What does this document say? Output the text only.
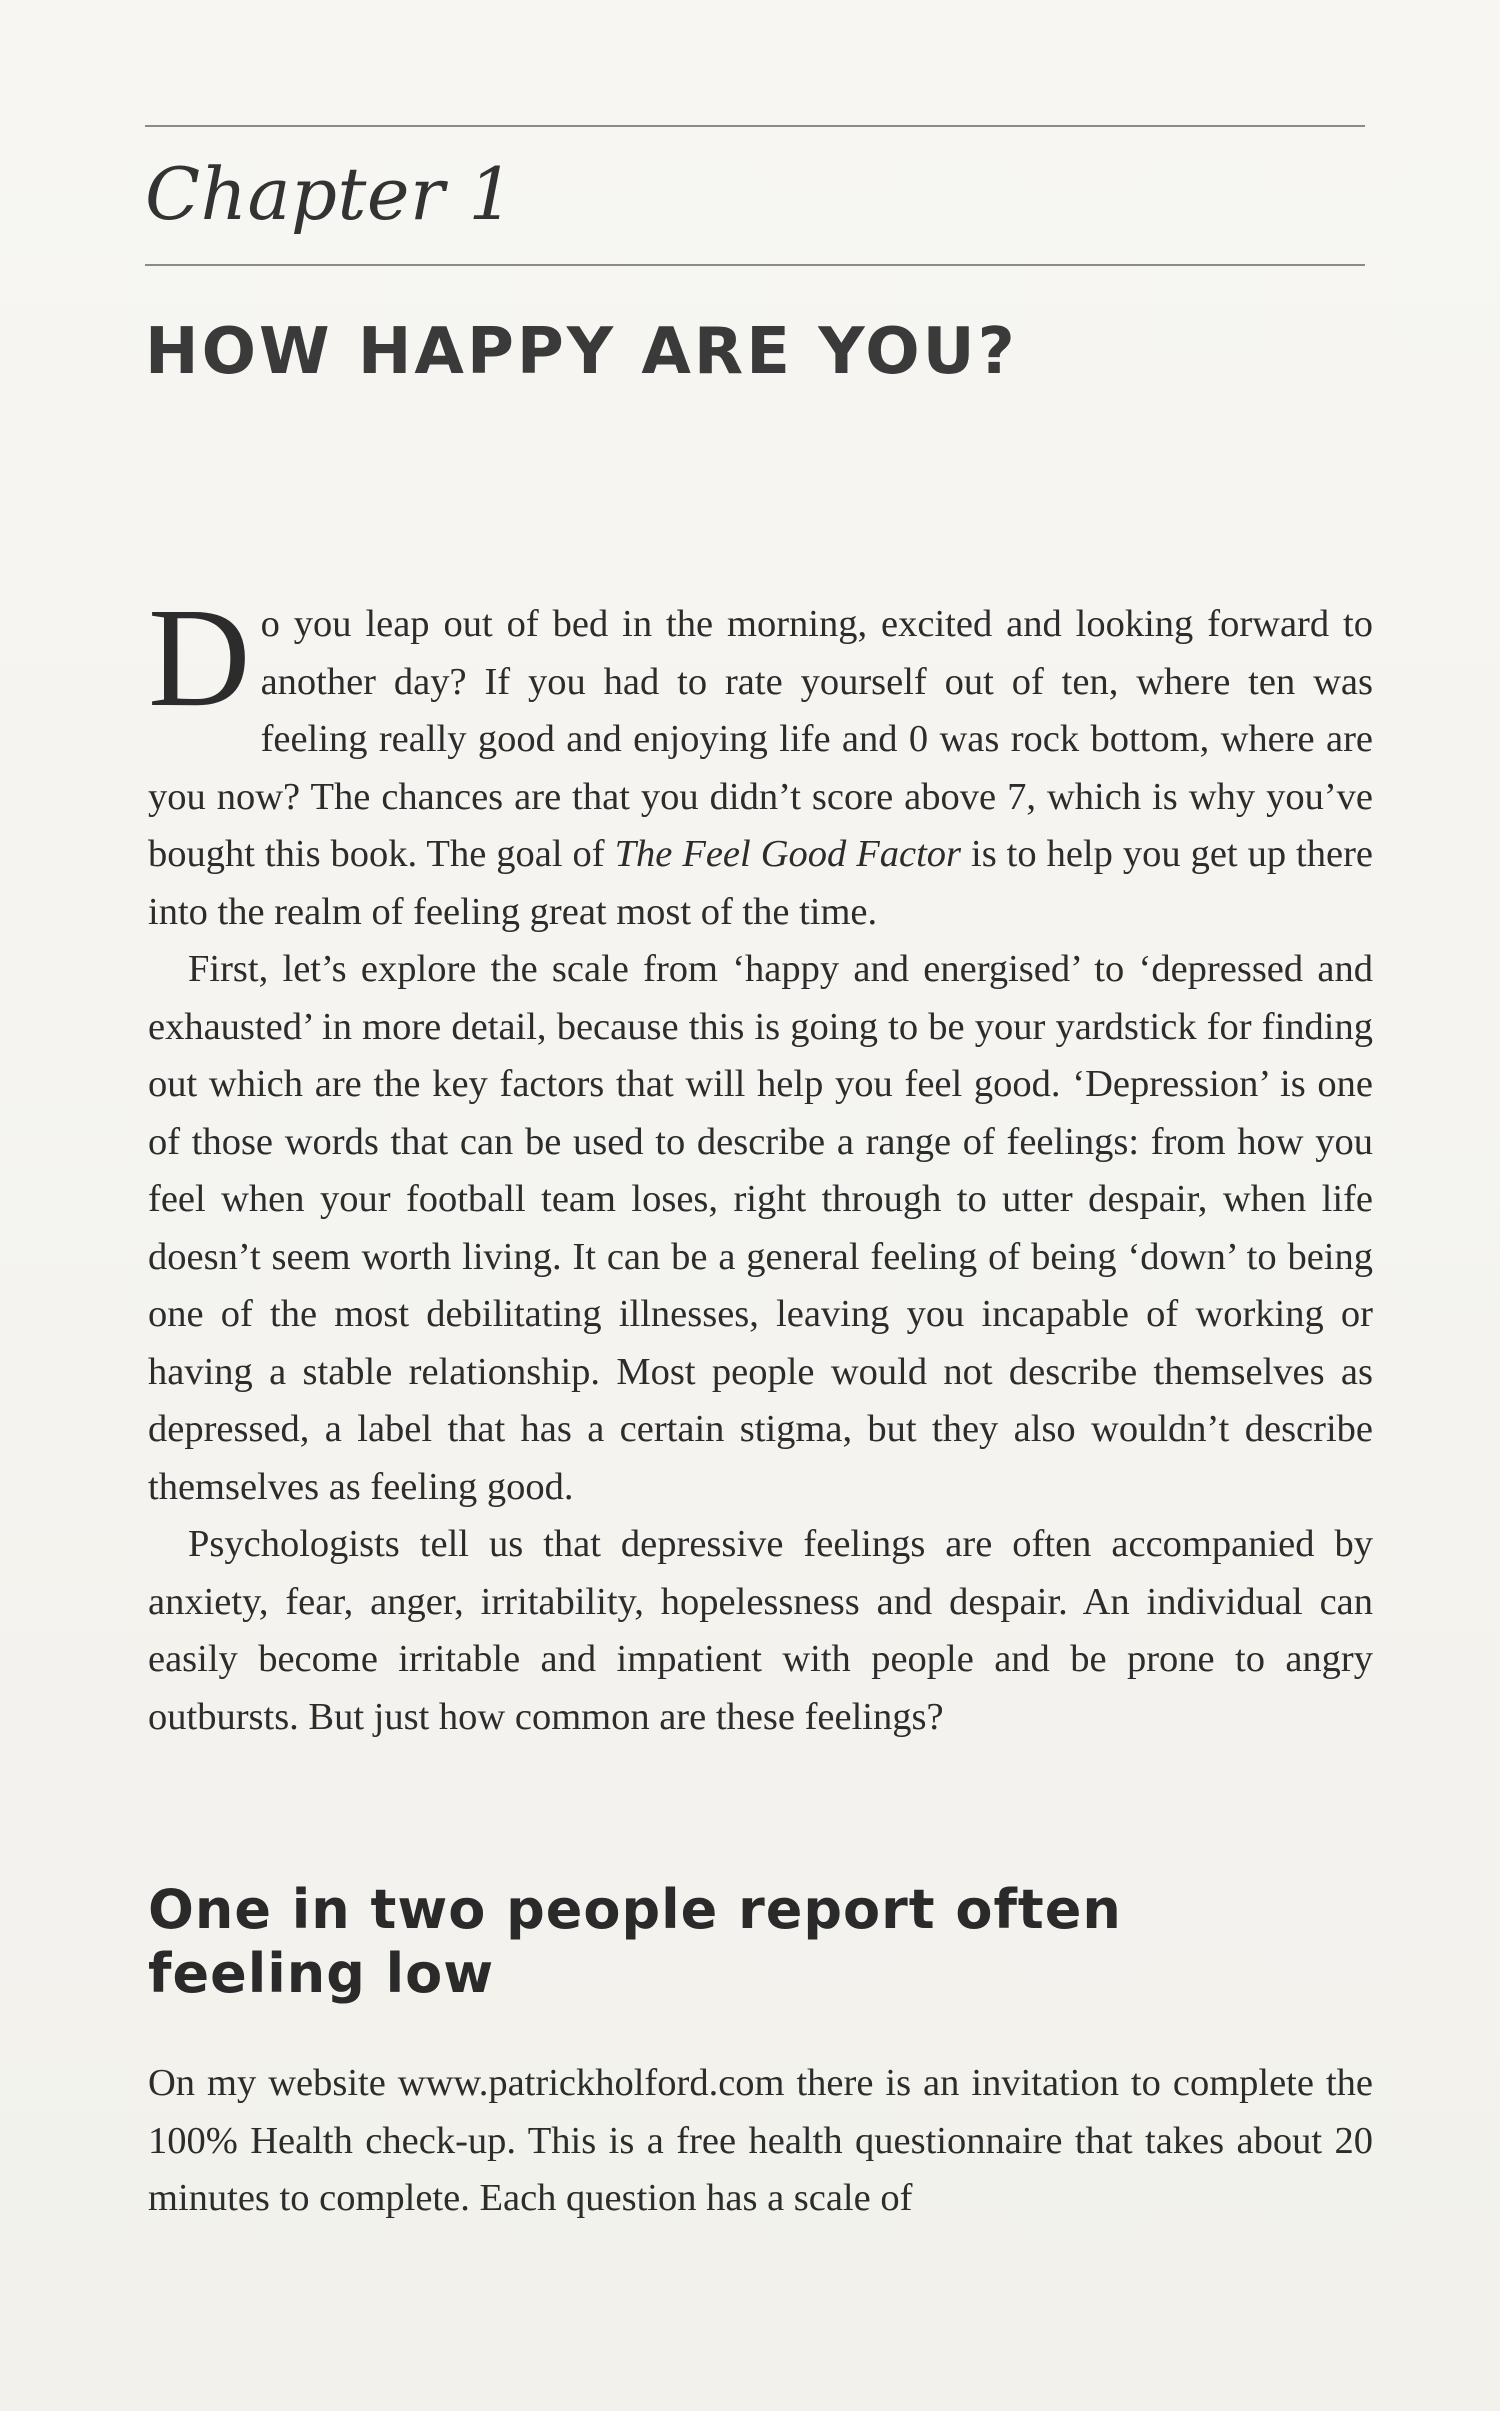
Chapter 1
HOW HAPPY ARE YOU?
D o you leap out of bed in the morning, excited and looking forward to another day? If you had to rate yourself out of ten, where ten was feeling really good and enjoying life and 0 was rock bottom, where are you now? The chances are that you didn’t score above 7, which is why you’ve bought this book. The goal of The Feel Good Factor is to help you get up there into the realm of feeling great most of the time.

First, let’s explore the scale from ‘happy and energised’ to ‘depressed and exhausted’ in more detail, because this is going to be your yardstick for finding out which are the key factors that will help you feel good. ‘Depression’ is one of those words that can be used to describe a range of feelings: from how you feel when your football team loses, right through to utter despair, when life doesn’t seem worth living. It can be a general feeling of being ‘down’ to being one of the most debilitating illnesses, leaving you incapable of working or having a stable relationship. Most people would not describe themselves as depressed, a label that has a certain stigma, but they also wouldn’t describe themselves as feeling good.

Psychologists tell us that depressive feelings are often accompanied by anxiety, fear, anger, irritability, hopelessness and despair. An individual can easily become irritable and impatient with people and be prone to angry outbursts. But just how common are these feelings?

One in two people report often
feeling low

On my website www.patrickholford.com there is an invitation to complete the 100% Health check-up. This is a free health questionnaire that takes about 20 minutes to complete. Each question has a scale of
